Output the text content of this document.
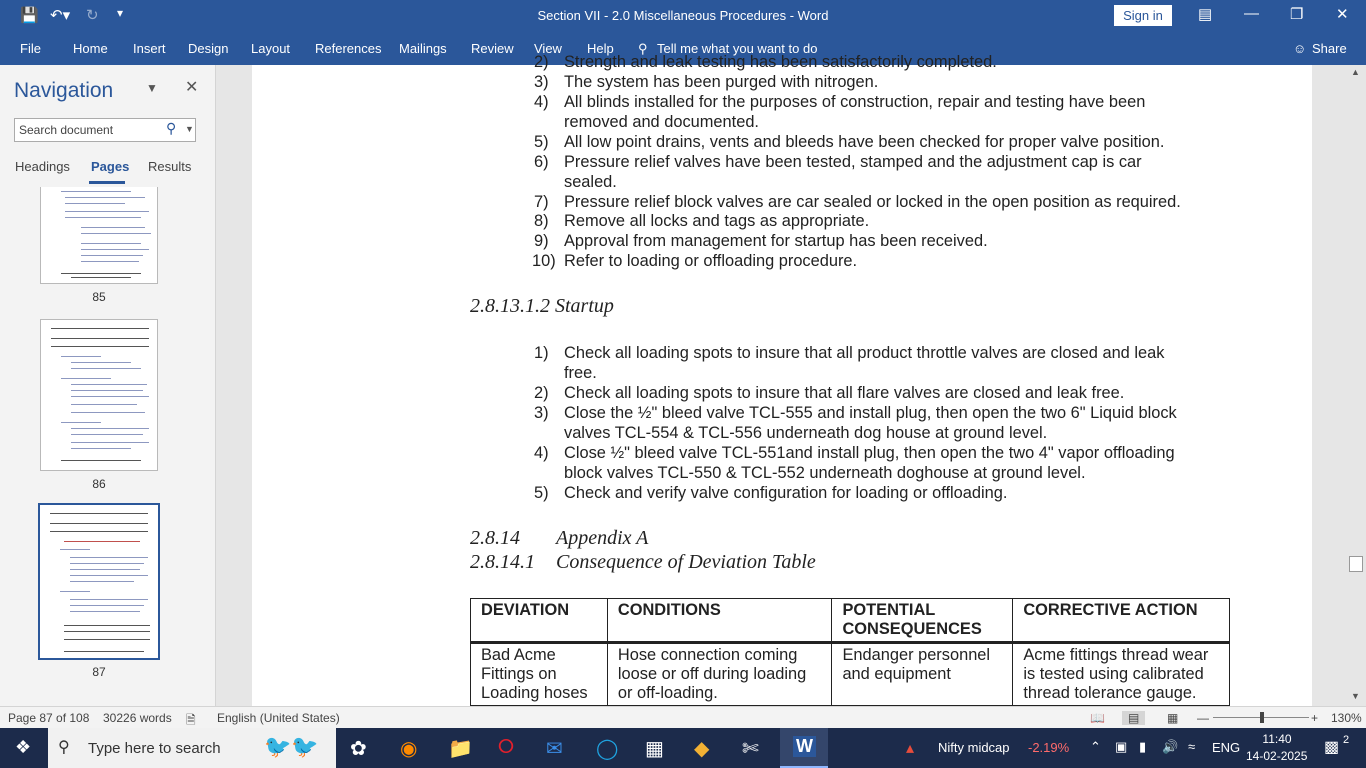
💾 ↶▾ ↻ ▾	Section VII - 2.0 Miscellaneous Procedures - Word	Sign in	▤ — ❐ ✕
File Home Insert Design Layout References Mailings Review View Help ⚲ Tell me what you want to do	☺ Share
Navigation	▼ ✕
Search document	⚲ ▼
Headings Pages Results
85
86
87
2) Strength and leak testing has been satisfactorily completed.
3) The system has been purged with nitrogen.
4) All blinds installed for the purposes of construction, repair and testing have been
removed and documented.
5) All low point drains, vents and bleeds have been checked for proper valve position.
6) Pressure relief valves have been tested, stamped and the adjustment cap is car
sealed.
7) Pressure relief block valves are car sealed or locked in the open position as required.
8) Remove all locks and tags as appropriate.
9) Approval from management for startup has been received.
10) Refer to loading or offloading procedure.
2.8.13.1.2 Startup
1) Check all loading spots to insure that all product throttle valves are closed and leak
free.
2) Check all loading spots to insure that all flare valves are closed and leak free.
3) Close the ½" bleed valve TCL-555 and install plug, then open the two 6" Liquid block
valves TCL-554 & TCL-556 underneath dog house at ground level.
4) Close ½" bleed valve TCL-551and install plug, then open the two 4" vapor offloading
block valves TCL-550 & TCL-552 underneath doghouse at ground level.
5) Check and verify valve configuration for loading or offloading.
2.8.14 Appendix A
2.8.14.1 Consequence of Deviation Table
DEVIATION	CONDITIONS	POTENTIAL CONSEQUENCES	CORRECTIVE ACTION
Bad Acme Fittings on Loading hoses	Hose connection coming loose or off during loading or off-loading.	Endanger personnel and equipment	Acme fittings thread wear is tested using calibrated thread tolerance gauge.
▲
▼
Page 87 of 108 30226 words 🗎 English (United States)	📖	▤	▦ —	+ 130%
❖ ⚲ Type here to search 🐦🐦 ✿ ◉ 📁 ⭘ ✉ ◯ ▦ ◆ ✄ W	▴ Nifty midcap -2.19% ⌃ ▣ ▮ 🔊 ≈ ENG
11:40
14-02-2025 ▩ 2
